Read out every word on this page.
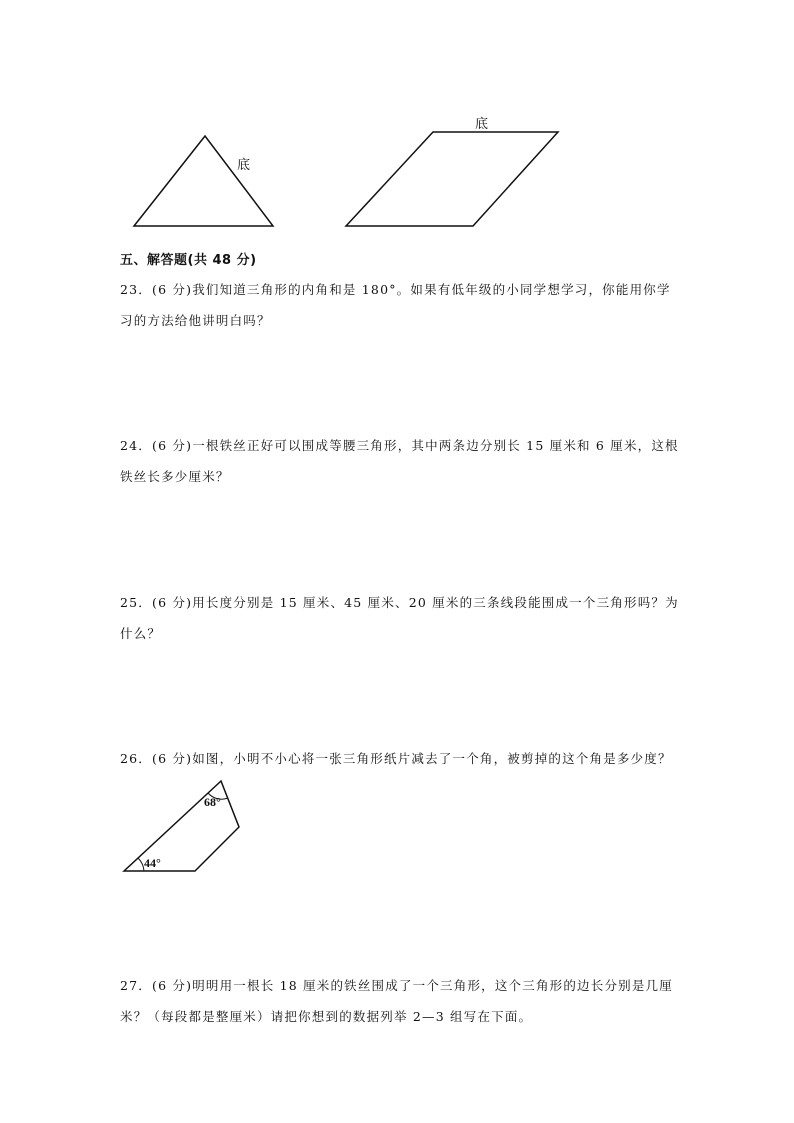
底
底
五、解答题(共 48 分)

23．(6 分)我们知道三角形的内角和是 180°。如果有低年级的小同学想学习，你能用你学习的方法给他讲明白吗？

24．(6 分)一根铁丝正好可以围成等腰三角形，其中两条边分别长 15 厘米和 6 厘米，这根铁丝长多少厘米？

25．(6 分)用长度分别是 15 厘米、45 厘米、20 厘米的三条线段能围成一个三角形吗？为什么？

26．(6 分)如图，小明不小心将一张三角形纸片减去了一个角，被剪掉的这个角是多少度？

68°
44°

27．(6 分)明明用一根长 18 厘米的铁丝围成了一个三角形，这个三角形的边长分别是几厘米？（每段都是整厘米）请把你想到的数据列举 2—3 组写在下面。
